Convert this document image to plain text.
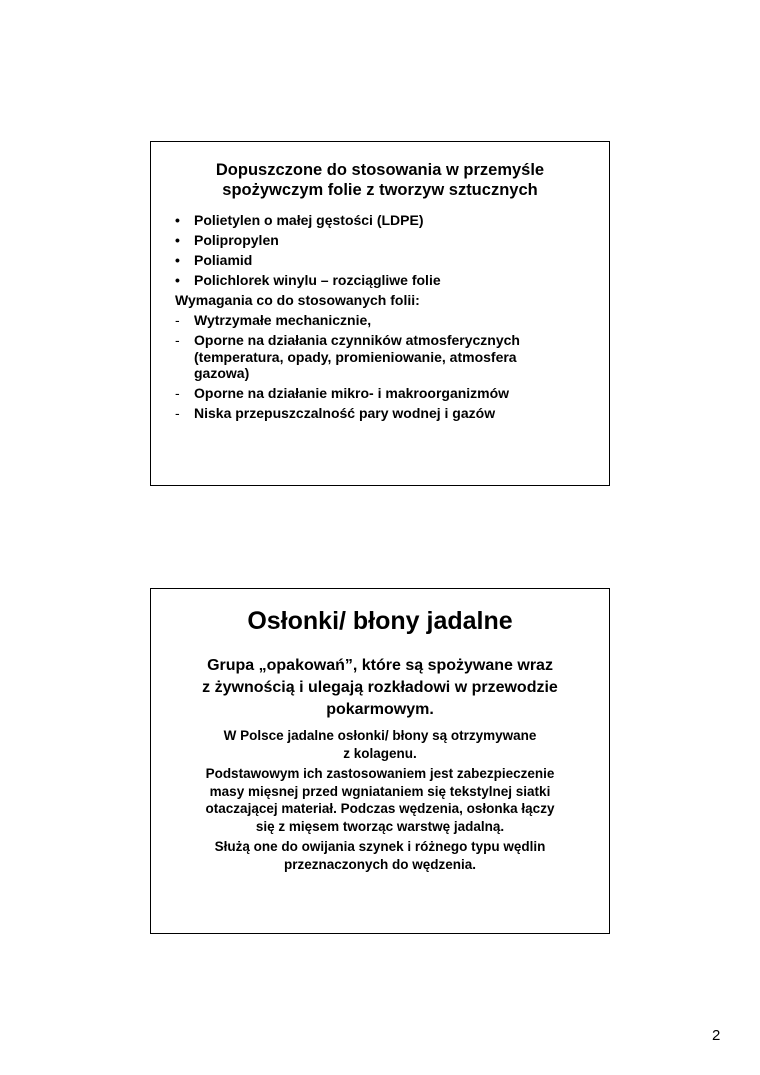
Dopuszczone do stosowania w przemyśle
spożywczym folie z tworzyw sztucznych
•	Polietylen o małej gęstości (LDPE)
•	Polipropylen
•	Poliamid
•	Polichlorek winylu – rozciągliwe folie
Wymagania co do stosowanych folii:
-	Wytrzymałe mechanicznie,
-	Oporne na działania czynników atmosferycznych
(temperatura, opady, promieniowanie, atmosfera
gazowa)
-	Oporne na działanie mikro- i makroorganizmów
-	Niska przepuszczalność pary wodnej i gazów
Osłonki/ błony jadalne
Grupa „opakowań”, które są spożywane wraz
z żywnością i ulegają rozkładowi w przewodzie
pokarmowym.
W Polsce jadalne osłonki/ błony są otrzymywane
z kolagenu.
Podstawowym ich zastosowaniem jest zabezpieczenie
masy mięsnej przed wgniataniem się tekstylnej siatki
otaczającej materiał. Podczas wędzenia, osłonka łączy
się z mięsem tworząc warstwę jadalną.
Służą one do owijania szynek i różnego typu wędlin
przeznaczonych do wędzenia.
2
